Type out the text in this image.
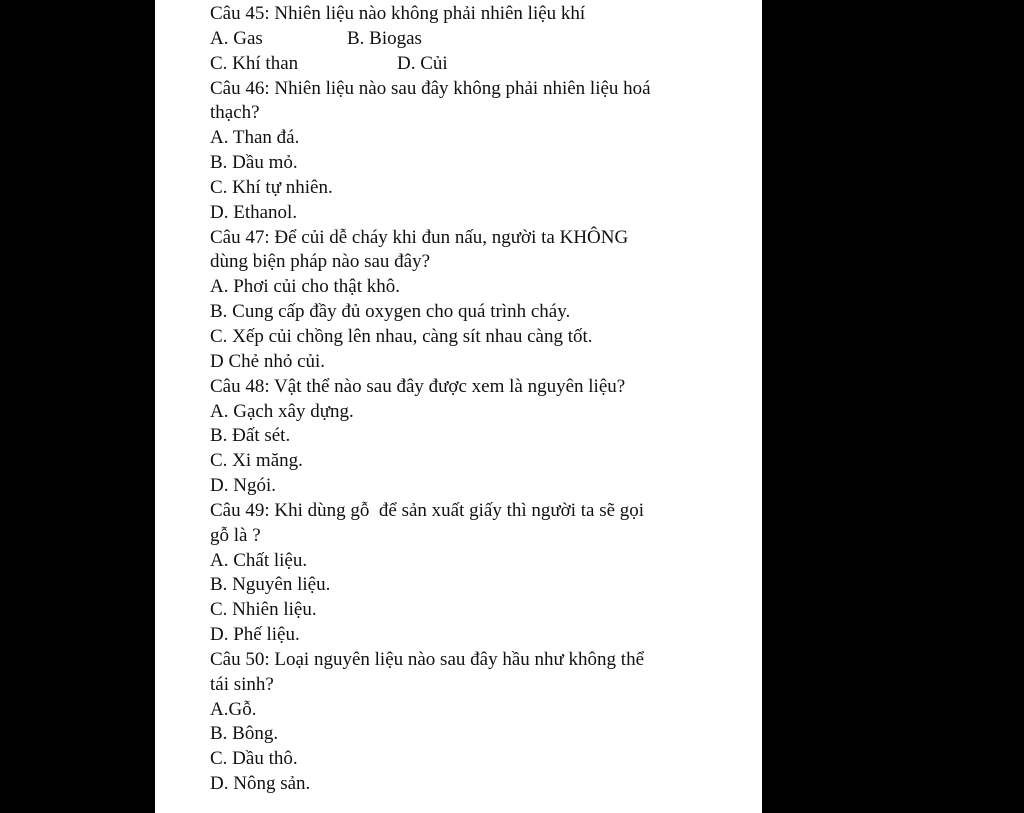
Câu 45: Nhiên liệu nào không phải nhiên liệu khí
A. Gas	B. Biogas
C. Khí than	D. Củi
Câu 46: Nhiên liệu nào sau đây không phải nhiên liệu hoá
thạch?
A. Than đá.
B. Dầu mỏ.
C. Khí tự nhiên.
D. Ethanol.
Câu 47: Để củi dễ cháy khi đun nấu, người ta KHÔNG
dùng biện pháp nào sau đây?
A. Phơi củi cho thật khô.
B. Cung cấp đầy đủ oxygen cho quá trình cháy.
C. Xếp củi chồng lên nhau, càng sít nhau càng tốt.
D Chẻ nhỏ củi.
Câu 48: Vật thể nào sau đây được xem là nguyên liệu?
A. Gạch xây dựng.
B. Đất sét.
C. Xi măng.
D. Ngói.
Câu 49: Khi dùng gỗ  để sản xuất giấy thì người ta sẽ gọi
gỗ là ?
A. Chất liệu.
B. Nguyên liệu.
C. Nhiên liệu.
D. Phế liệu.
Câu 50: Loại nguyên liệu nào sau đây hầu như không thể
tái sinh?
A.Gỗ.
B. Bông.
C. Dầu thô.
D. Nông sản.
